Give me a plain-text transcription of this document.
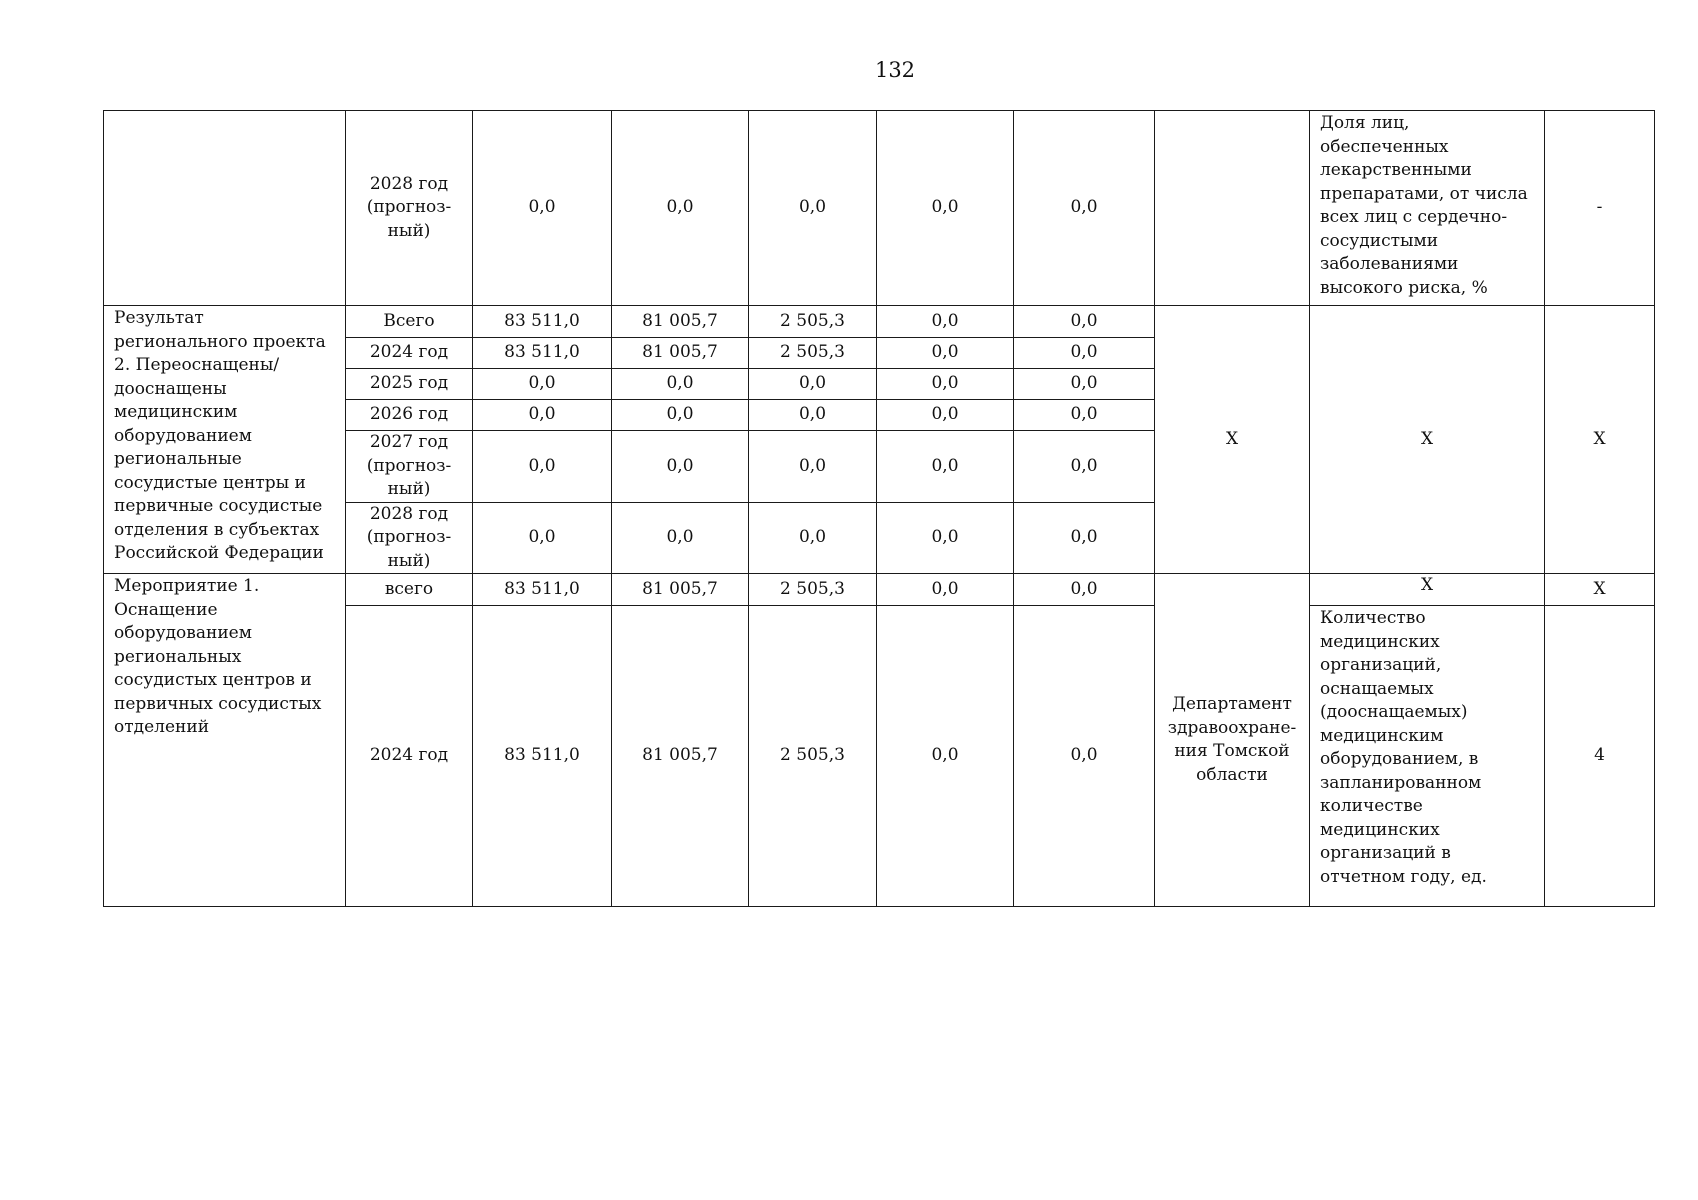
132
	2028 год (прогноз-ный)	0,0	0,0	0,0	0,0	0,0		Доля лиц, обеспеченных лекарственными препаратами, от числа всех лиц с сердечно-сосудистыми заболеваниями высокого риска, %	-
Результат регионального проекта 2. Переоснащены/ дооснащены медицинским оборудованием региональные сосудистые центры и первичные сосудистые отделения в субъектах Российской Федерации	Всего	83 511,0	81 005,7	2 505,3	0,0	0,0	Х	Х	Х
	2024 год	83 511,0	81 005,7	2 505,3	0,0	0,0			
	2025 год	0,0	0,0	0,0	0,0	0,0			
	2026 год	0,0	0,0	0,0	0,0	0,0			
	2027 год (прогноз-ный)	0,0	0,0	0,0	0,0	0,0			
	2028 год (прогноз-ный)	0,0	0,0	0,0	0,0	0,0			
Мероприятие 1. Оснащение оборудованием региональных сосудистых центров и первичных сосудистых отделений	всего	83 511,0	81 005,7	2 505,3	0,0	0,0	Департамент здравоохране-ния Томской области	Х	Х
	2024 год	83 511,0	81 005,7	2 505,3	0,0	0,0		Количество медицинских организаций, оснащаемых (дооснащаемых) медицинским оборудованием, в запланированном количестве медицинских организаций в отчетном году, ед.	4
